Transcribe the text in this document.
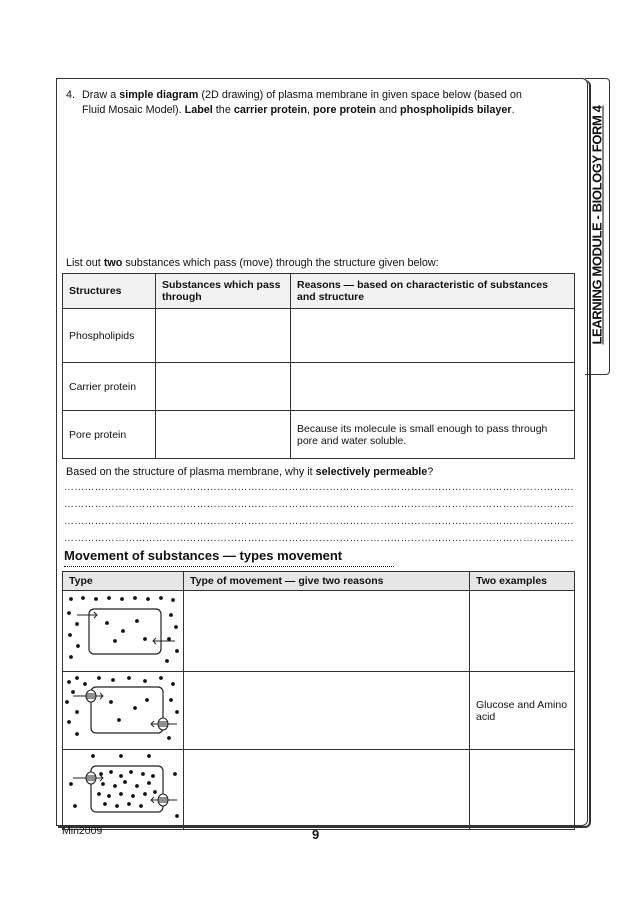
LEARNING MODULE - BIOLOGY FORM 4
4. Draw a simple diagram (2D drawing) of plasma membrane in given space below (based on
Fluid Mosaic Model). Label the carrier protein, pore protein and phospholipids bilayer.
List out two substances which pass (move) through the structure given below:
Structures	Substances which pass through	Reasons — based on characteristic of substances and structure
Phospholipids		
Carrier protein		
Pore protein		Because its molecule is small enough to pass through pore and water soluble.
Based on the structure of plasma membrane, why it selectively permeable?
……………………………………………………………………………………………………………………………………
……………………………………………………………………………………………………………………………………
……………………………………………………………………………………………………………………………………
……………………………………………………………………………………………………………………………………
Movement of substances — types movement
Type	Type of movement — give two reasons	Two examples

		Glucose and Amino acid

Min2009	9
